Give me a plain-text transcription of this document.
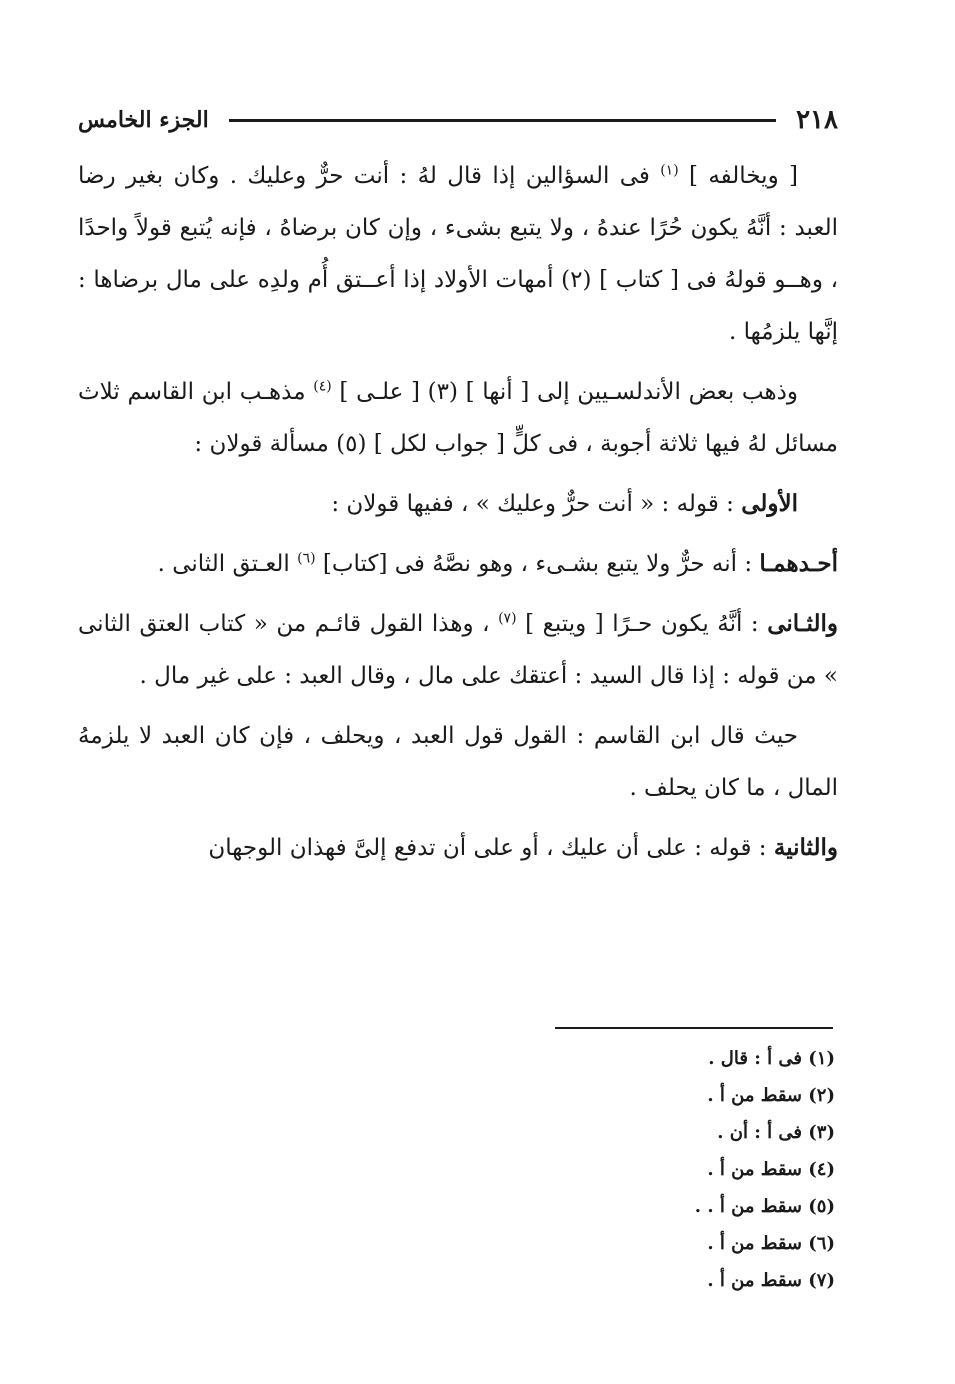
٢١٨
الجزء الخامس

[ ويخالفه ] $^{(١)}$ فى السؤالين إذا قال لهُ : أنت حرٌّ وعليك . وكان بغير رضا العبد : أنَّهُ يكون حُرًا عندهُ ، ولا يتبع بشىء ، وإن كان برضاهُ ، فإنه يُتبع قولاً واحدًا ، وهــو قولهُ فى [ كتاب ] (٢) أمهات الأولاد إذا أعــتق أُم ولدِه على مال برضاها : إنَّها يلزمُها .

وذهب بعض الأندلسـيين إلى [ أنها ] (٣) [ علـى ] $^{(٤)}$ مذهـب ابن القاسم ثلاث مسائل لهُ فيها ثلاثة أجوبة ، فى كلٍّ [ جواب لكل ] (٥) مسألة قولان :

الأولى : قوله : « أنت حرٌّ وعليك » ، ففيها قولان :

أحـدهمـا : أنه حرٌّ ولا يتبع بشـىء ، وهو نصَّهُ فى [كتاب] $^{(٦)}$ العـتق الثانى .

والثـانى : أنَّهُ يكون حـرًا [ ويتبع ] $^{(٧)}$ ، وهذا القول قائـم من « كتاب العتق الثانى » من قوله : إذا قال السيد : أعتقك على مال ، وقال العبد : على غير مال .

حيث قال ابن القاسم : القول قول العبد ، ويحلف ، فإن كان العبد لا يلزمهُ المال ، ما كان يحلف .

والثانية : قوله : على أن عليك ، أو على أن تدفع إلىَّ فهذان الوجهان

(١) فى أ : قال .
(٢) سقط من أ .
(٣) فى أ : أن .
(٤) سقط من أ .
(٥) سقط من أ . .
(٦) سقط من أ .
(٧) سقط من أ .
